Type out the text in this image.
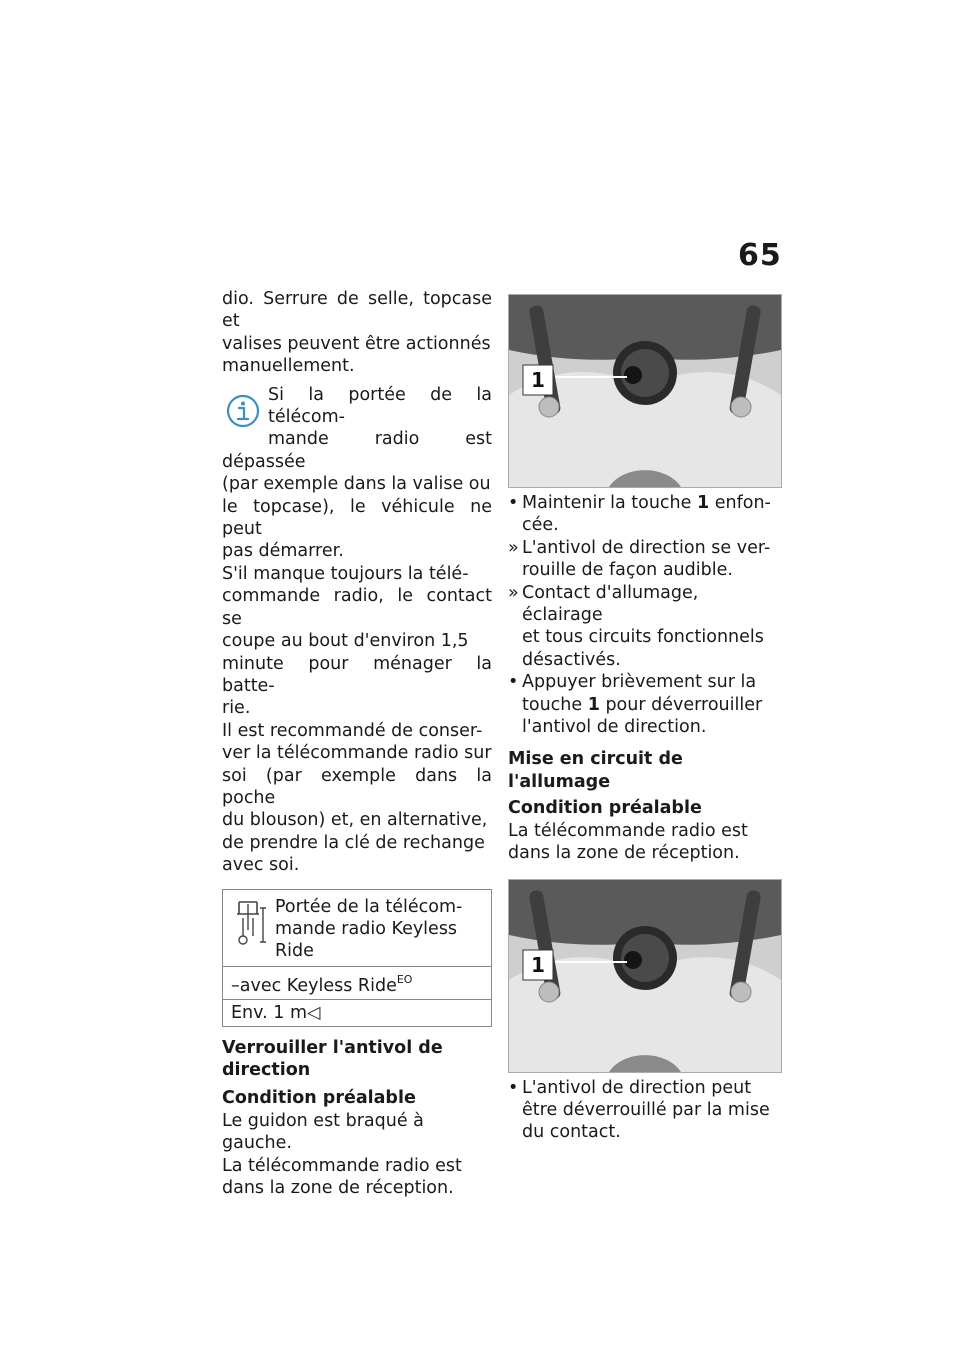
65

dio. Serrure de selle, topcase et
valises peuvent être actionnés
manuellement.

Si la portée de la télécom-
mande radio est dépassée
(par exemple dans la valise ou
le topcase), le véhicule ne peut
pas démarrer.

S'il manque toujours la télé-
commande radio, le contact se
coupe au bout d'environ 1,5
minute pour ménager la batte-
rie.

Il est recommandé de conser-
ver la télécommande radio sur
soi (par exemple dans la poche
du blouson) et, en alternative,
de prendre la clé de rechange
avec soi.

Portée de la télécom-
mande radio Keyless
Ride
–avec Keyless Ride$^{EO}$
Env. 1 m◁

Verrouiller l'antivol de
direction

Condition préalable

Le guidon est braqué à gauche.
La télécommande radio est
dans la zone de réception.

1
• Maintenir la touche 1 enfon-
cée.
» L'antivol de direction se ver-
rouille de façon audible.
» Contact d'allumage, éclairage
et tous circuits fonctionnels
désactivés.
• Appuyer brièvement sur la
touche 1 pour déverrouiller
l'antivol de direction.

Mise en circuit de l'allumage

Condition préalable

La télécommande radio est
dans la zone de réception.

1
• L'antivol de direction peut
être déverrouillé par la mise
du contact.
